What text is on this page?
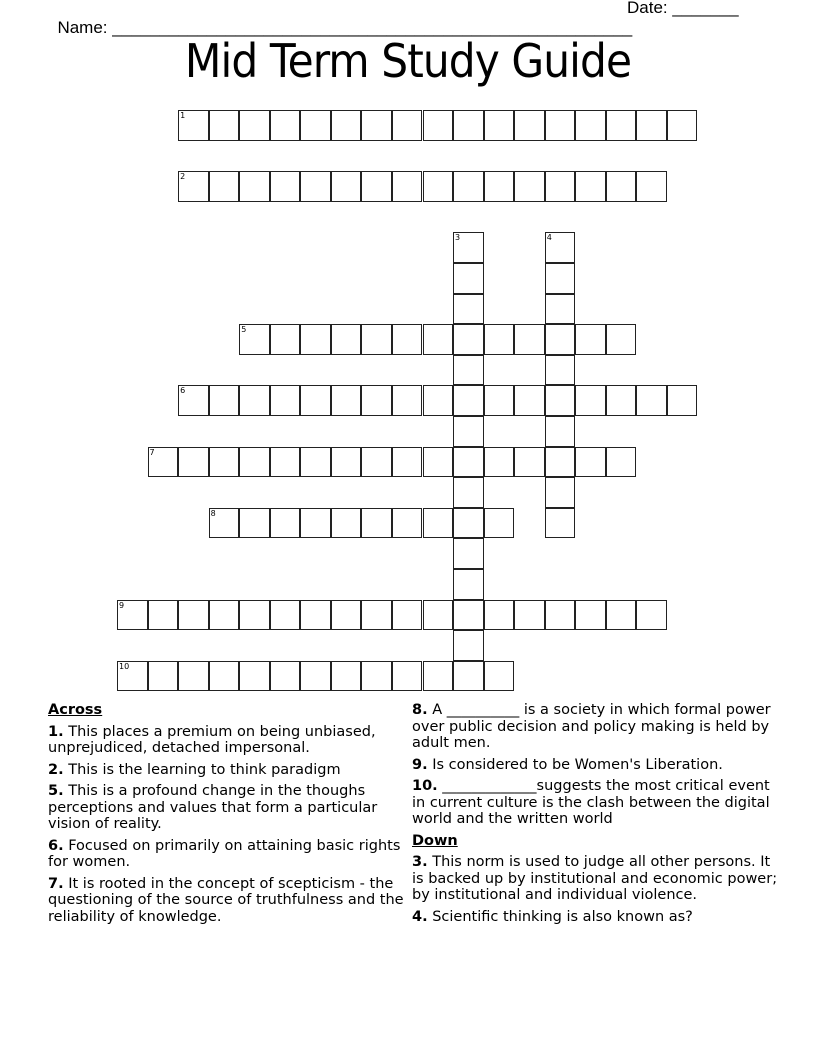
Name: _______________________________________________________

Date: _______

Mid Term Study Guide
1
2
3	4
5
6
7
8
9
10
Across
1. This places a premium on being unbiased, unprejudiced, detached impersonal.
2. This is the learning to think paradigm
5. This is a profound change in the thoughs perceptions and values that form a particular vision of reality.
6. Focused on primarily on attaining basic rights for women.
7. It is rooted in the concept of scepticism - the questioning of the source of truthfulness and the reliability of knowledge.
8. A __________ is a society in which formal power over public decision and policy making is held by adult men.
9. Is considered to be Women's Liberation.
10. _____________suggests the most critical event in current culture is the clash between the digital world and the written world
Down
3. This norm is used to judge all other persons. It is backed up by institutional and economic power; by institutional and individual violence.
4. Scientific thinking is also known as?
